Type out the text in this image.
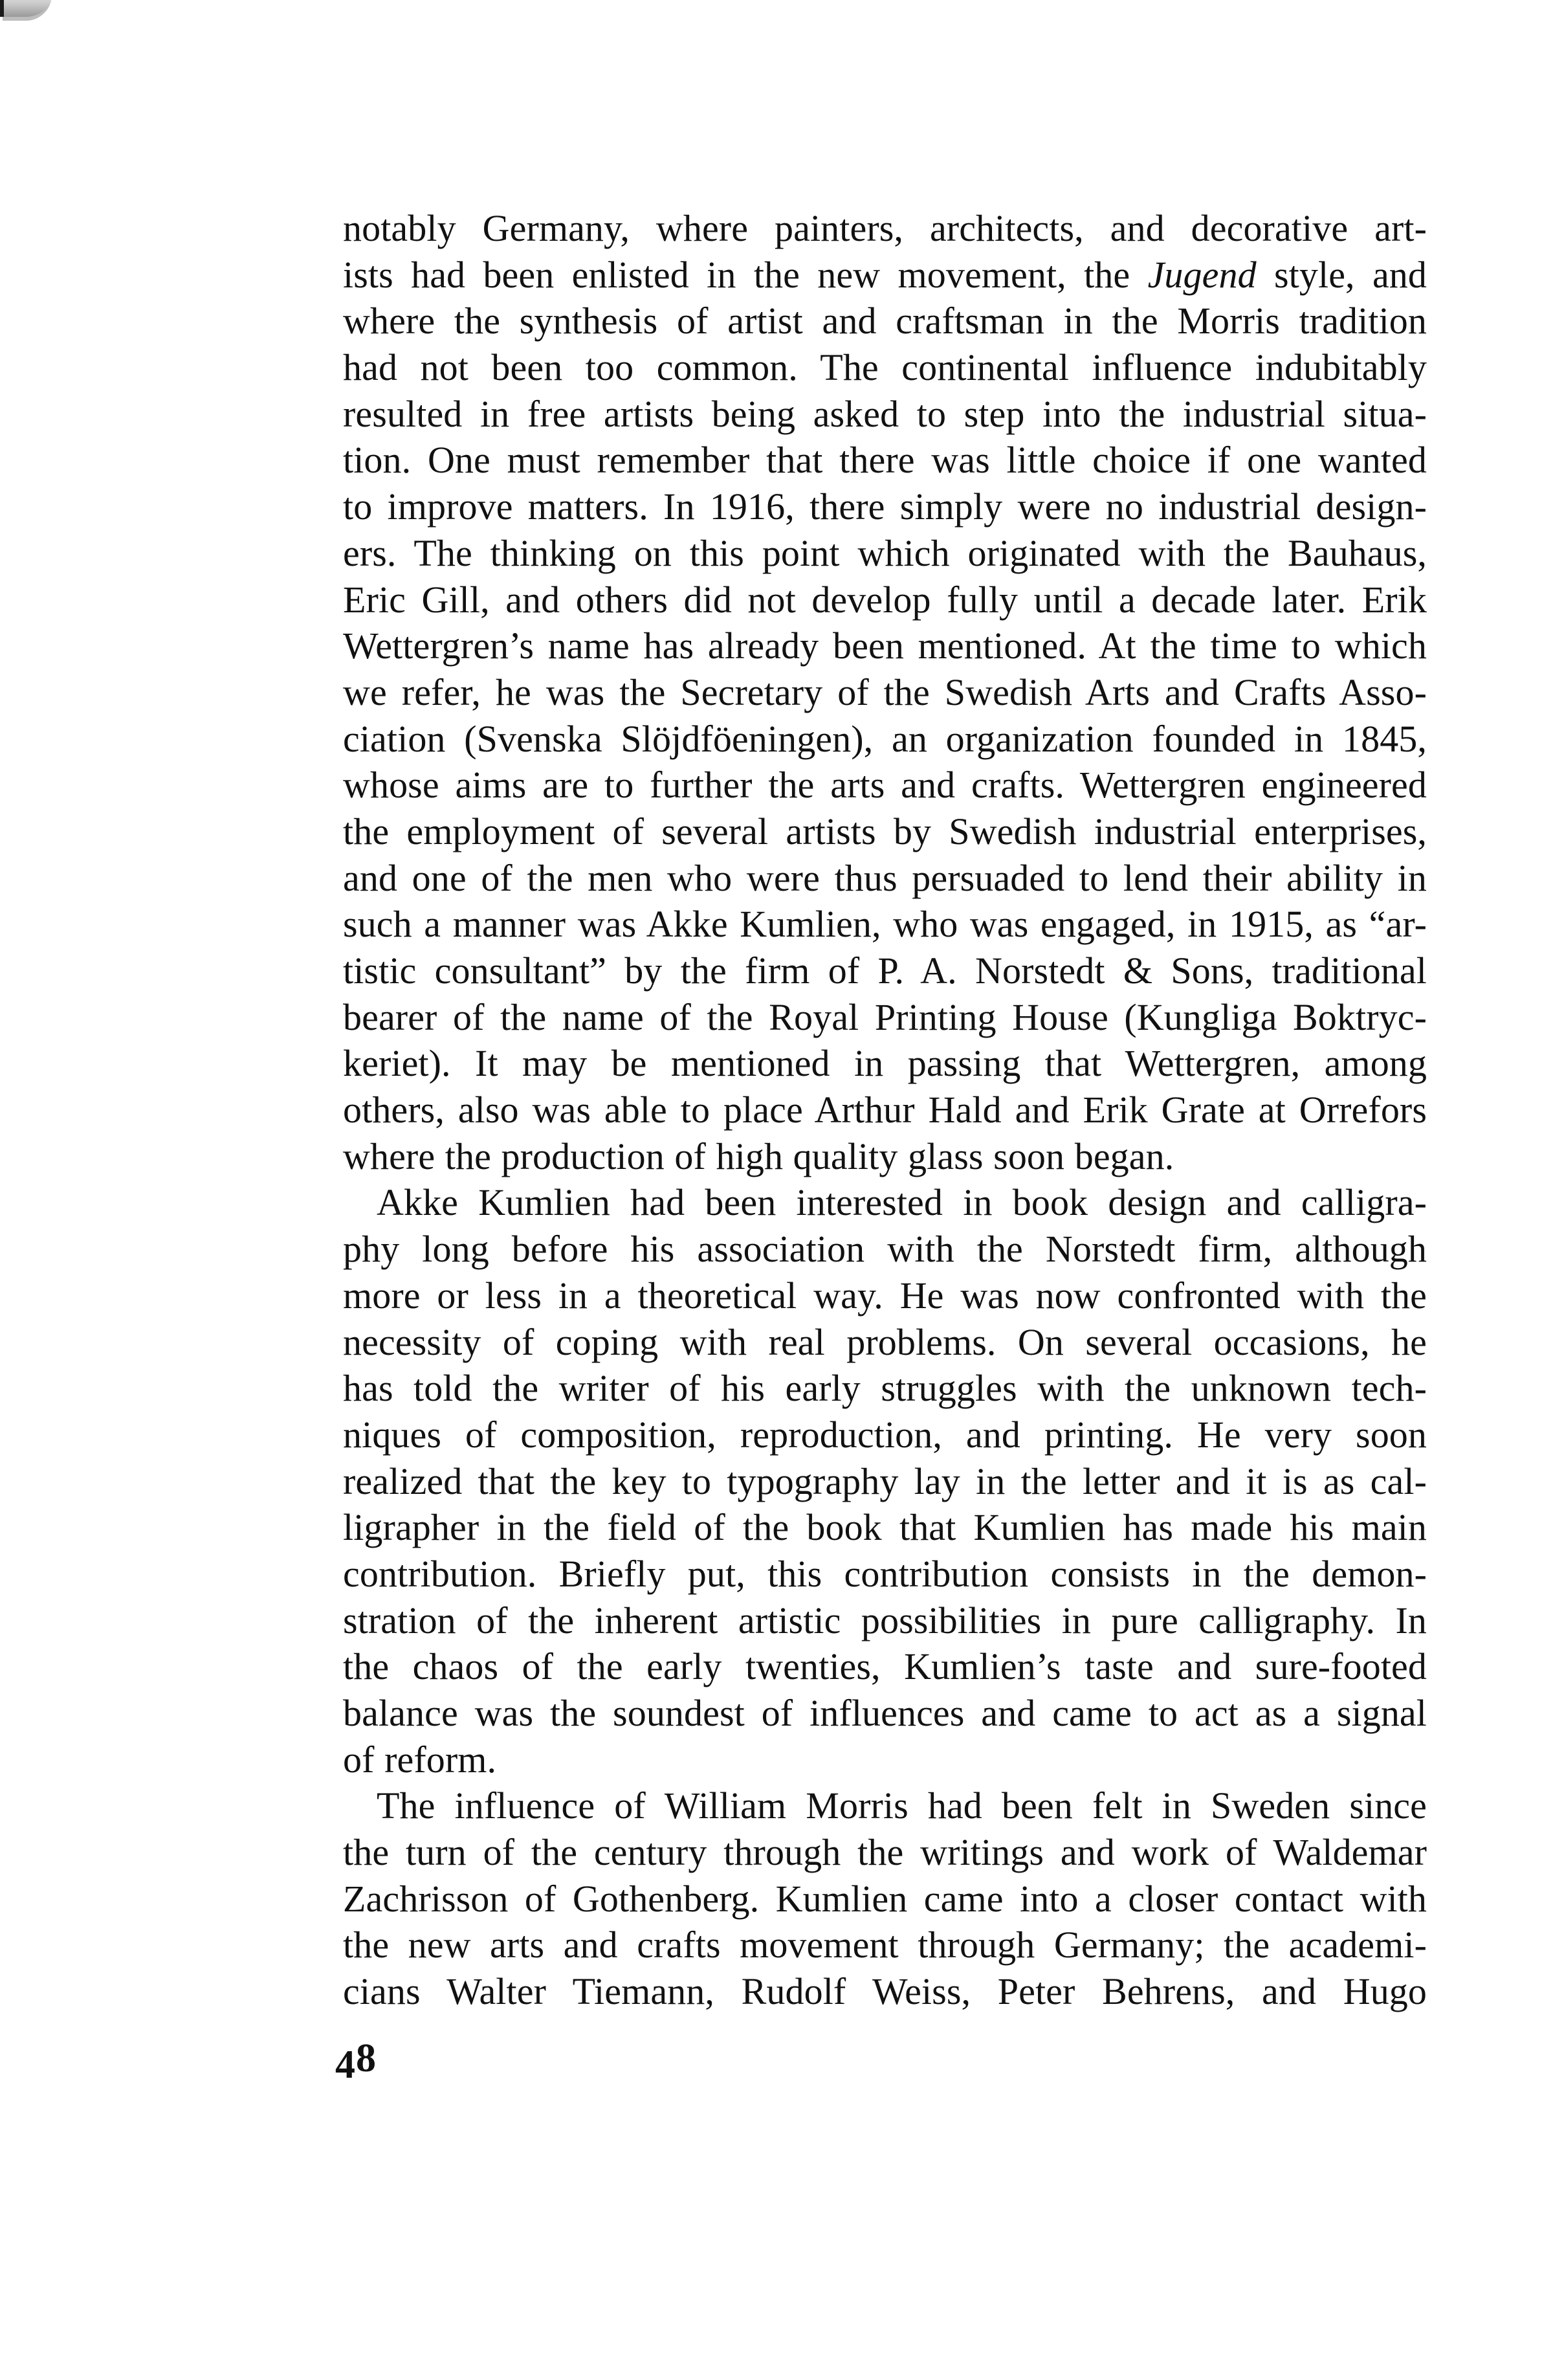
notably Germany, where painters, architects, and decorative art-
ists had been enlisted in the new movement, the Jugend style, and
where the synthesis of artist and craftsman in the Morris tradition
had not been too common. The continental influence indubitably
resulted in free artists being asked to step into the industrial situa-
tion. One must remember that there was little choice if one wanted
to improve matters. In 1916, there simply were no industrial design-
ers. The thinking on this point which originated with the Bauhaus,
Eric Gill, and others did not develop fully until a decade later. Erik
Wettergren’s name has already been mentioned. At the time to which
we refer, he was the Secretary of the Swedish Arts and Crafts Asso-
ciation (Svenska Slöjdföeningen), an organization founded in 1845,
whose aims are to further the arts and crafts. Wettergren engineered
the employment of several artists by Swedish industrial enterprises,
and one of the men who were thus persuaded to lend their ability in
such a manner was Akke Kumlien, who was engaged, in 1915, as “ar-
tistic consultant” by the firm of P. A. Norstedt & Sons, traditional
bearer of the name of the Royal Printing House (Kungliga Boktryc-
keriet). It may be mentioned in passing that Wettergren, among
others, also was able to place Arthur Hald and Erik Grate at Orrefors
where the production of high quality glass soon began.
Akke Kumlien had been interested in book design and calligra-
phy long before his association with the Norstedt firm, although
more or less in a theoretical way. He was now confronted with the
necessity of coping with real problems. On several occasions, he
has told the writer of his early struggles with the unknown tech-
niques of composition, reproduction, and printing. He very soon
realized that the key to typography lay in the letter and it is as cal-
ligrapher in the field of the book that Kumlien has made his main
contribution. Briefly put, this contribution consists in the demon-
stration of the inherent artistic possibilities in pure calligraphy. In
the chaos of the early twenties, Kumlien’s taste and sure-footed
balance was the soundest of influences and came to act as a signal
of reform.
The influence of William Morris had been felt in Sweden since
the turn of the century through the writings and work of Waldemar
Zachrisson of Gothenberg. Kumlien came into a closer contact with
the new arts and crafts movement through Germany; the academi-
cians Walter Tiemann, Rudolf Weiss, Peter Behrens, and Hugo
48
